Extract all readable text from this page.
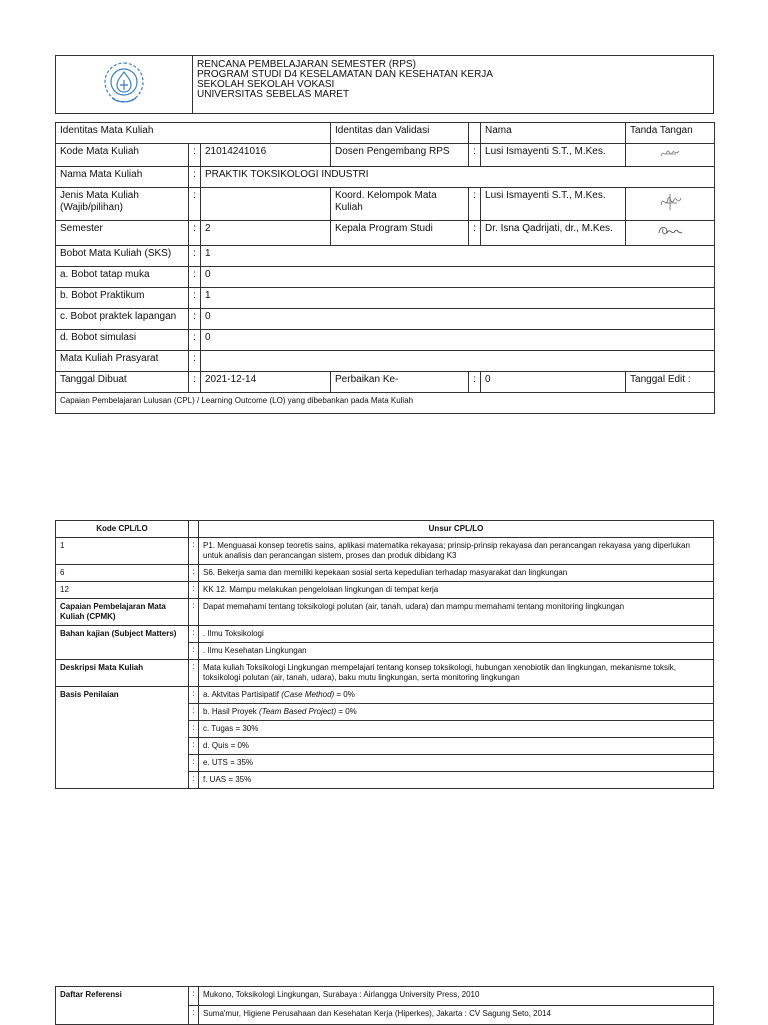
RENCANA PEMBELAJARAN SEMESTER (RPS)
PROGRAM STUDI D4 KESELAMATAN DAN KESEHATAN KERJA
SEKOLAH SEKOLAH VOKASI
UNIVERSITAS SEBELAS MARET
Identitas Mata Kuliah			Identitas dan Validasi		Nama	Tanda Tangan
Kode Mata Kuliah	:	21014241016	Dosen Pengembang RPS	:	Lusi Ismayenti S.T., M.Kes.	
Nama Mata Kuliah	:	PRAKTIK TOKSIKOLOGI INDUSTRI				
Jenis Mata Kuliah (Wajib/pilihan)	:		Koord. Kelompok Mata Kuliah	:	Lusi Ismayenti S.T., M.Kes.	
Semester	:	2	Kepala Program Studi	:	Dr. Isna Qadrijati, dr., M.Kes.	
Bobot Mata Kuliah (SKS)	:	1				
a. Bobot tatap muka	:	0				
b. Bobot Praktikum	:	1				
c. Bobot praktek lapangan	:	0				
d. Bobot simulasi	:	0				
Mata Kuliah Prasyarat	:					
Tanggal Dibuat	:	2021-12-14	Perbaikan Ke-	:	0	Tanggal Edit :
Capaian Pembelajaran Lulusan (CPL) / Learning Outcome (LO) yang dibebankan pada Mata Kuliah						
Kode CPL/LO		Unsur CPL/LO
1	:	P1. Menguasai konsep teoretis sains, aplikasi matematika rekayasa; prinsip-prinsip rekayasa dan perancangan rekayasa yang diperlukan untuk analisis dan perancangan sistem, proses dan produk dibidang K3
6	:	S6. Bekerja sama dan memiliki kepekaan sosial serta kepedulian terhadap masyarakat dan lingkungan
12	:	KK 12. Mampu melakukan pengelolaan lingkungan di tempat kerja
Capaian Pembelajaran Mata Kuliah (CPMK)	:	Dapat memahami tentang toksikologi polutan (air, tanah, udara) dan mampu memahami tentang monitoring lingkungan
Bahan kajian (Subject Matters)	:	. Ilmu Toksikologi
	:	. Ilmu Kesehatan Lingkungan
Deskripsi Mata Kuliah	:	Mata kuliah Toksikologi Lingkungan mempelajari tentang konsep toksikologi, hubungan xenobiotik dan lingkungan, mekanisme toksik, toksikologi polutan (air, tanah, udara), baku mutu lingkungan, serta monitoring lingkungan
Basis Penilaian	:	a. Aktvitas Partisipatif (Case Method) = 0%
	:	b. Hasil Proyek (Team Based Project) = 0%
	:	c. Tugas = 30%
	:	d. Quis = 0%
	:	e. UTS = 35%
	:	f. UAS = 35%
Daftar Referensi	:	Mukono, Toksikologi Lingkungan, Surabaya : Airlangga University Press, 2010
	:	Suma'mur, Higiene Perusahaan dan Kesehatan Kerja (Hiperkes), Jakarta : CV Sagung Seto, 2014
